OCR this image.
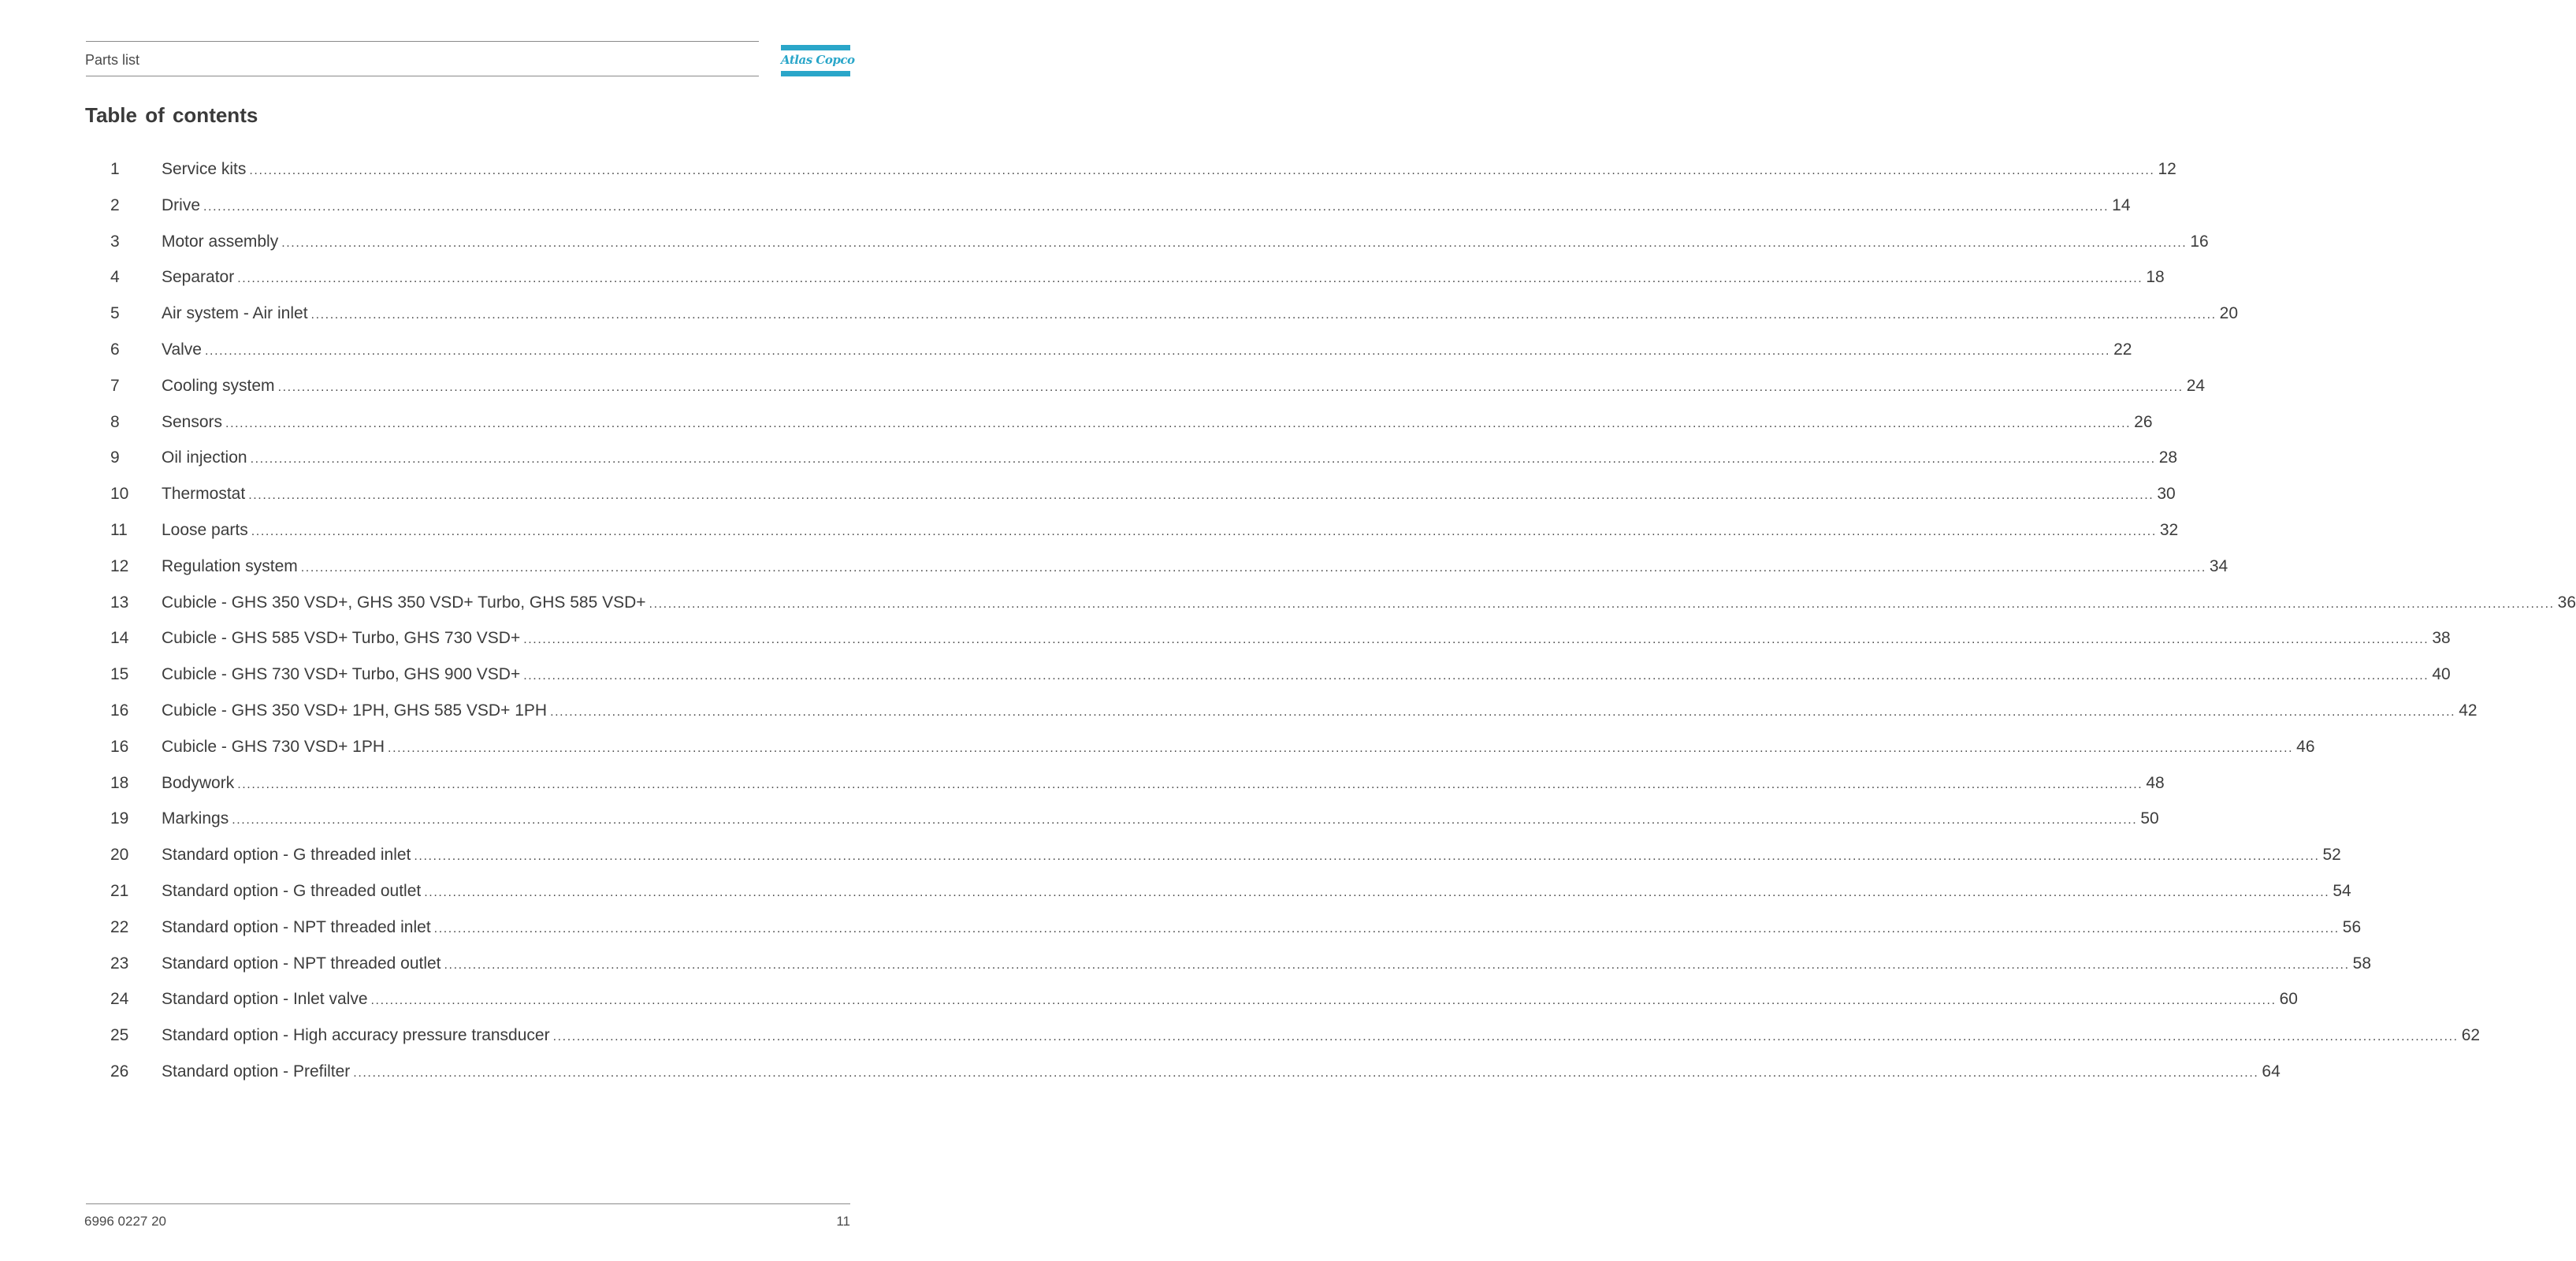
Parts list	Atlas Copco
Table of contents
1	Service kits ................................................................................................................................................................................................................................................................................................................................................................................................................ 12
2	Drive ................................................................................................................................................................................................................................................................................................................................................................................................................ 14
3	Motor assembly ................................................................................................................................................................................................................................................................................................................................................................................................................ 16
4	Separator ................................................................................................................................................................................................................................................................................................................................................................................................................ 18
5	Air system - Air inlet ................................................................................................................................................................................................................................................................................................................................................................................................................ 20
6	Valve ................................................................................................................................................................................................................................................................................................................................................................................................................ 22
7	Cooling system ................................................................................................................................................................................................................................................................................................................................................................................................................ 24
8	Sensors ................................................................................................................................................................................................................................................................................................................................................................................................................ 26
9	Oil injection ................................................................................................................................................................................................................................................................................................................................................................................................................ 28
10 Thermostat ................................................................................................................................................................................................................................................................................................................................................................................................................ 30
11 Loose parts ................................................................................................................................................................................................................................................................................................................................................................................................................ 32
12 Regulation system ................................................................................................................................................................................................................................................................................................................................................................................................................ 34
13 Cubicle - GHS 350 VSD+, GHS 350 VSD+ Turbo, GHS 585 VSD+ ................................................................................................................................................................................................................................................................................................................................................................................................................ 36
14 Cubicle - GHS 585 VSD+ Turbo, GHS 730 VSD+ ................................................................................................................................................................................................................................................................................................................................................................................................................ 38
15 Cubicle - GHS 730 VSD+ Turbo, GHS 900 VSD+ ................................................................................................................................................................................................................................................................................................................................................................................................................ 40
16 Cubicle - GHS 350 VSD+ 1PH, GHS 585 VSD+ 1PH ................................................................................................................................................................................................................................................................................................................................................................................................................ 42
16 Cubicle - GHS 730 VSD+ 1PH ................................................................................................................................................................................................................................................................................................................................................................................................................ 46
18 Bodywork ................................................................................................................................................................................................................................................................................................................................................................................................................ 48
19 Markings ................................................................................................................................................................................................................................................................................................................................................................................................................ 50
20 Standard option - G threaded inlet ................................................................................................................................................................................................................................................................................................................................................................................................................ 52
21 Standard option - G threaded outlet ................................................................................................................................................................................................................................................................................................................................................................................................................ 54
22 Standard option - NPT threaded inlet ................................................................................................................................................................................................................................................................................................................................................................................................................ 56
23 Standard option - NPT threaded outlet ................................................................................................................................................................................................................................................................................................................................................................................................................ 58
24 Standard option - Inlet valve ................................................................................................................................................................................................................................................................................................................................................................................................................ 60
25 Standard option - High accuracy pressure transducer ................................................................................................................................................................................................................................................................................................................................................................................................................ 62
26 Standard option - Prefilter ................................................................................................................................................................................................................................................................................................................................................................................................................ 64
6996 0227 20	11
